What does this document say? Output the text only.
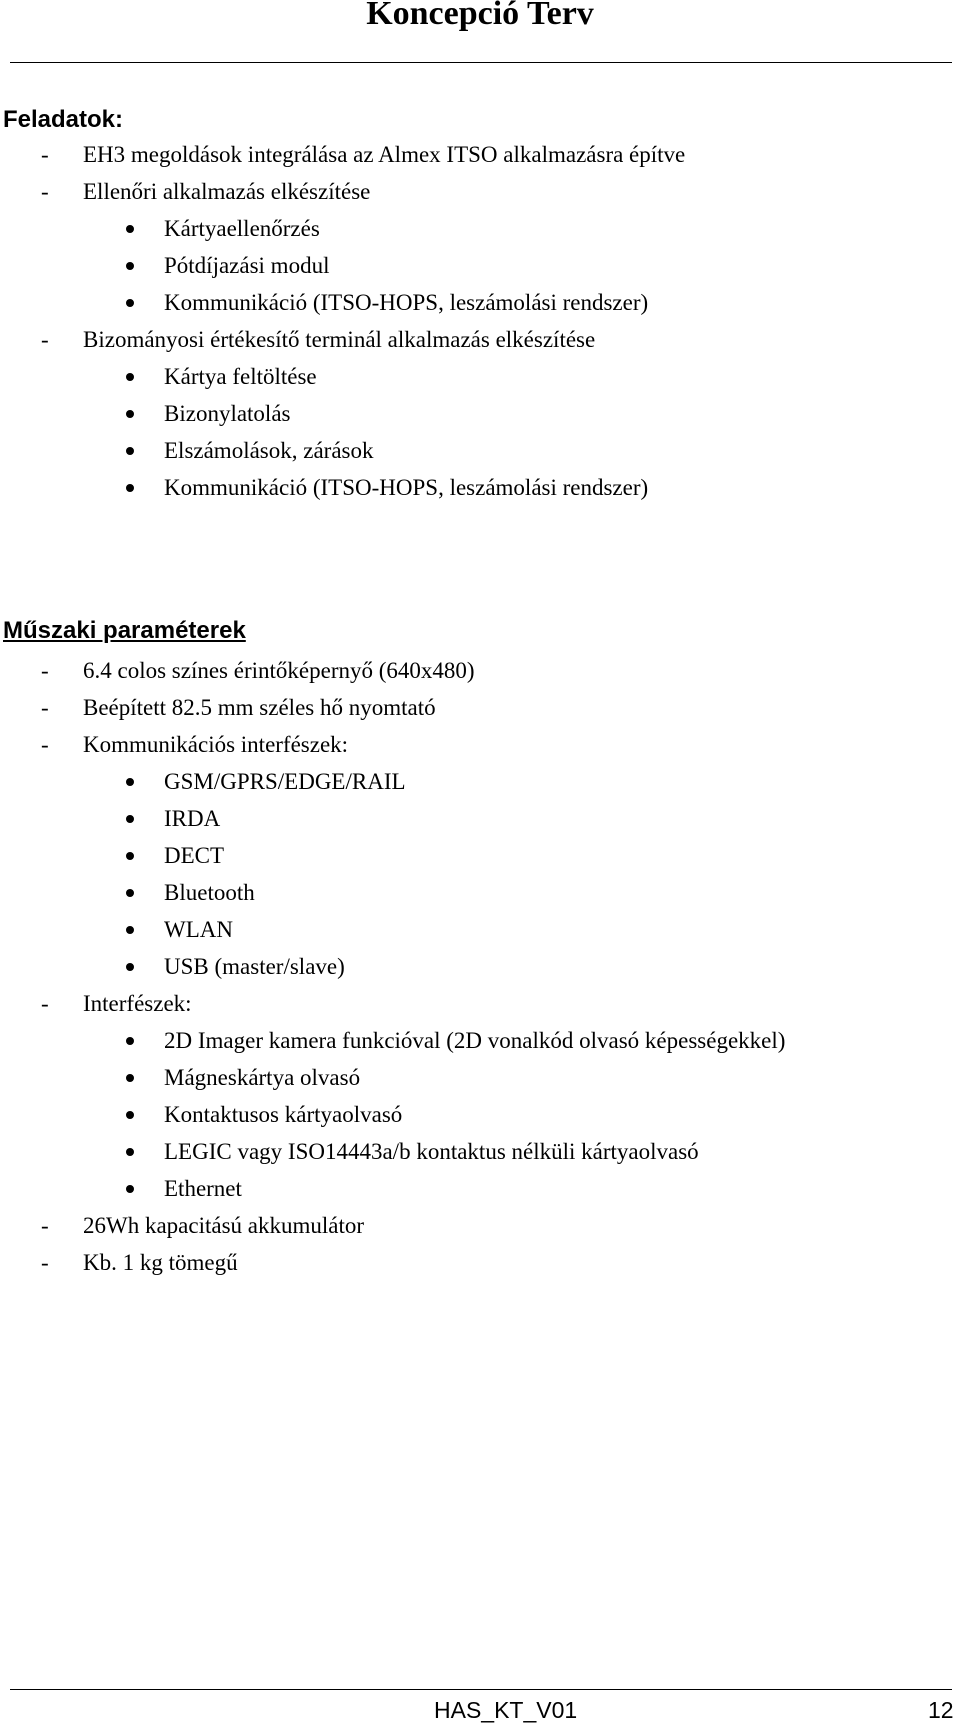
Koncepció Terv
Feladatok:
- EH3 megoldások integrálása az Almex ITSO alkalmazásra építve
- Ellenőri alkalmazás elkészítése
Kártyaellenőrzés
Pótdíjazási modul
Kommunikáció (ITSO-HOPS, leszámolási rendszer)
- Bizományosi értékesítő terminál alkalmazás elkészítése
Kártya feltöltése
Bizonylatolás
Elszámolások, zárások
Kommunikáció (ITSO-HOPS, leszámolási rendszer)
Műszaki paraméterek
- 6.4 colos színes érintőképernyő (640x480)
- Beépített 82.5 mm széles hő nyomtató
- Kommunikációs interfészek:
GSM/GPRS/EDGE/RAIL
IRDA
DECT
Bluetooth
WLAN
USB (master/slave)
- Interfészek:
2D Imager kamera funkcióval (2D vonalkód olvasó képességekkel)
Mágneskártya olvasó
Kontaktusos kártyaolvasó
LEGIC vagy ISO14443a/b kontaktus nélküli kártyaolvasó
Ethernet
- 26Wh kapacitású akkumulátor
- Kb. 1 kg tömegű
HAS_KT_V01	12
